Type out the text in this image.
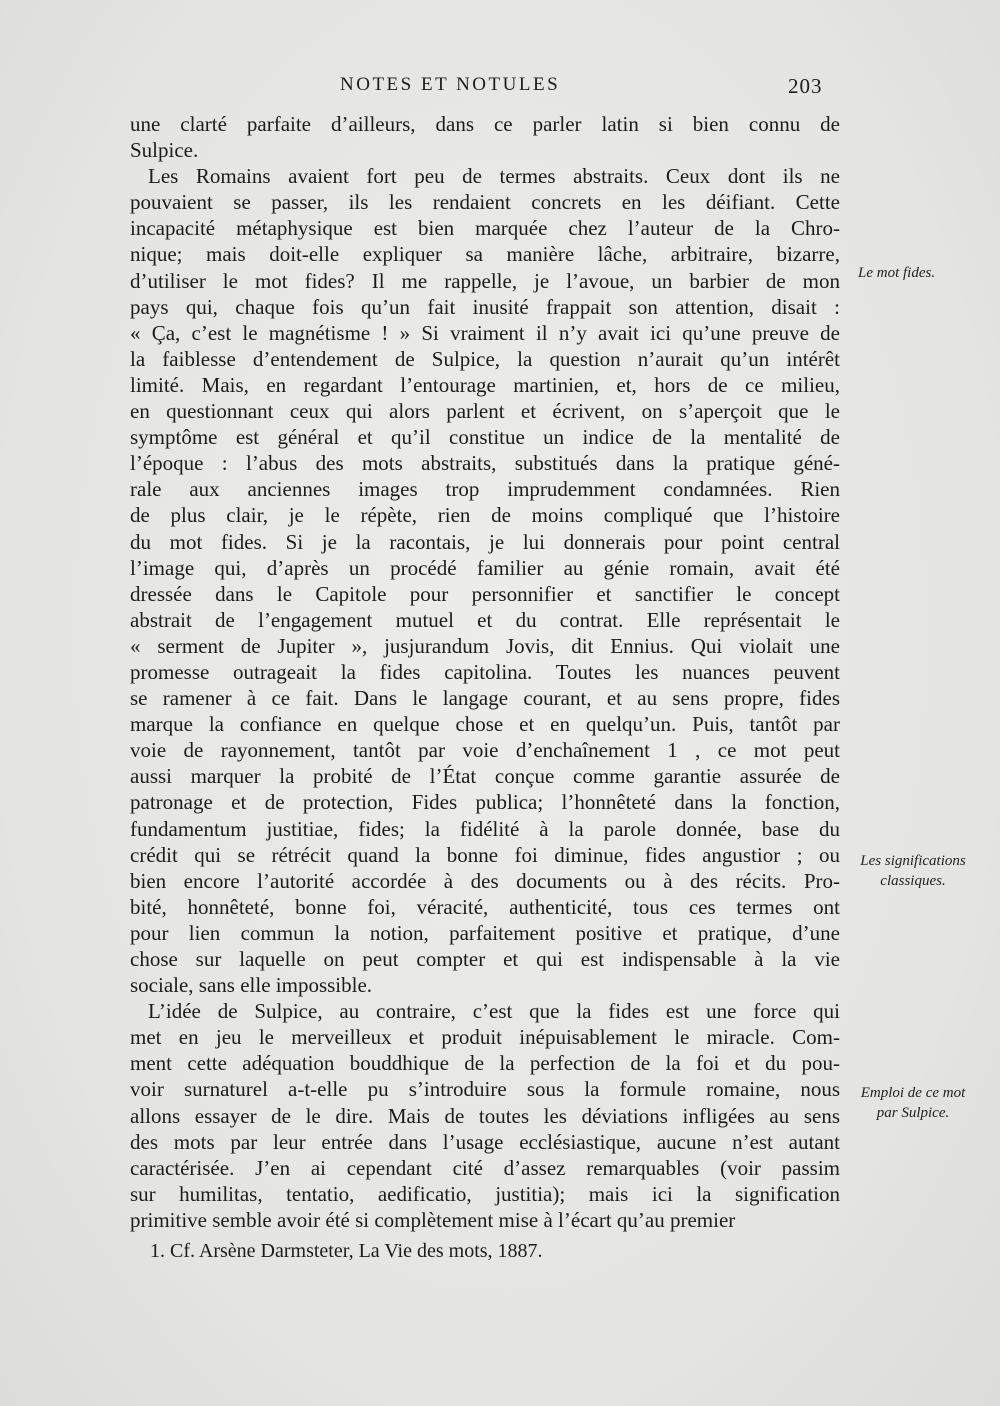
NOTES ET NOTULES	203
une clarté parfaite d’ailleurs, dans ce parler latin si bien connu de
Sulpice.
Les Romains avaient fort peu de termes abstraits. Ceux dont ils ne
pouvaient se passer, ils les rendaient concrets en les déifiant. Cette
incapacité métaphysique est bien marquée chez l’auteur de la Chro-
nique; mais doit-elle expliquer sa manière lâche, arbitraire, bizarre,
d’utiliser le mot fides? Il me rappelle, je l’avoue, un barbier de mon
pays qui, chaque fois qu’un fait inusité frappait son attention, disait :
« Ça, c’est le magnétisme ! » Si vraiment il n’y avait ici qu’une preuve de
la faiblesse d’entendement de Sulpice, la question n’aurait qu’un intérêt
limité. Mais, en regardant l’entourage martinien, et, hors de ce milieu,
en questionnant ceux qui alors parlent et écrivent, on s’aperçoit que le
symptôme est général et qu’il constitue un indice de la mentalité de
l’époque : l’abus des mots abstraits, substitués dans la pratique géné-
rale aux anciennes images trop imprudemment condamnées. Rien
de plus clair, je le répète, rien de moins compliqué que l’histoire
du mot fides. Si je la racontais, je lui donnerais pour point central
l’image qui, d’après un procédé familier au génie romain, avait été
dressée dans le Capitole pour personnifier et sanctifier le concept
abstrait de l’engagement mutuel et du contrat. Elle représentait le
« serment de Jupiter », jusjurandum Jovis, dit Ennius. Qui violait une
promesse outrageait la fides capitolina. Toutes les nuances peuvent
se ramener à ce fait. Dans le langage courant, et au sens propre, fides
marque la confiance en quelque chose et en quelqu’un. Puis, tantôt par
voie de rayonnement, tantôt par voie d’enchaînement 1 , ce mot peut
aussi marquer la probité de l’État conçue comme garantie assurée de
patronage et de protection, Fides publica; l’honnêteté dans la fonction,
fundamentum justitiae, fides; la fidélité à la parole donnée, base du
crédit qui se rétrécit quand la bonne foi diminue, fides angustior ; ou
bien encore l’autorité accordée à des documents ou à des récits. Pro-
bité, honnêteté, bonne foi, véracité, authenticité, tous ces termes ont
pour lien commun la notion, parfaitement positive et pratique, d’une
chose sur laquelle on peut compter et qui est indispensable à la vie
sociale, sans elle impossible.
L’idée de Sulpice, au contraire, c’est que la fides est une force qui
met en jeu le merveilleux et produit inépuisablement le miracle. Com-
ment cette adéquation bouddhique de la perfection de la foi et du pou-
voir surnaturel a-t-elle pu s’introduire sous la formule romaine, nous
allons essayer de le dire. Mais de toutes les déviations infligées au sens
des mots par leur entrée dans l’usage ecclésiastique, aucune n’est autant
caractérisée. J’en ai cependant cité d’assez remarquables (voir passim
sur humilitas, tentatio, aedificatio, justitia); mais ici la signification
primitive semble avoir été si complètement mise à l’écart qu’au premier
Le mot fides.
Les significations
classiques.
Emploi de ce mot
par Sulpice.
1. Cf. Arsène Darmsteter, La Vie des mots, 1887.
